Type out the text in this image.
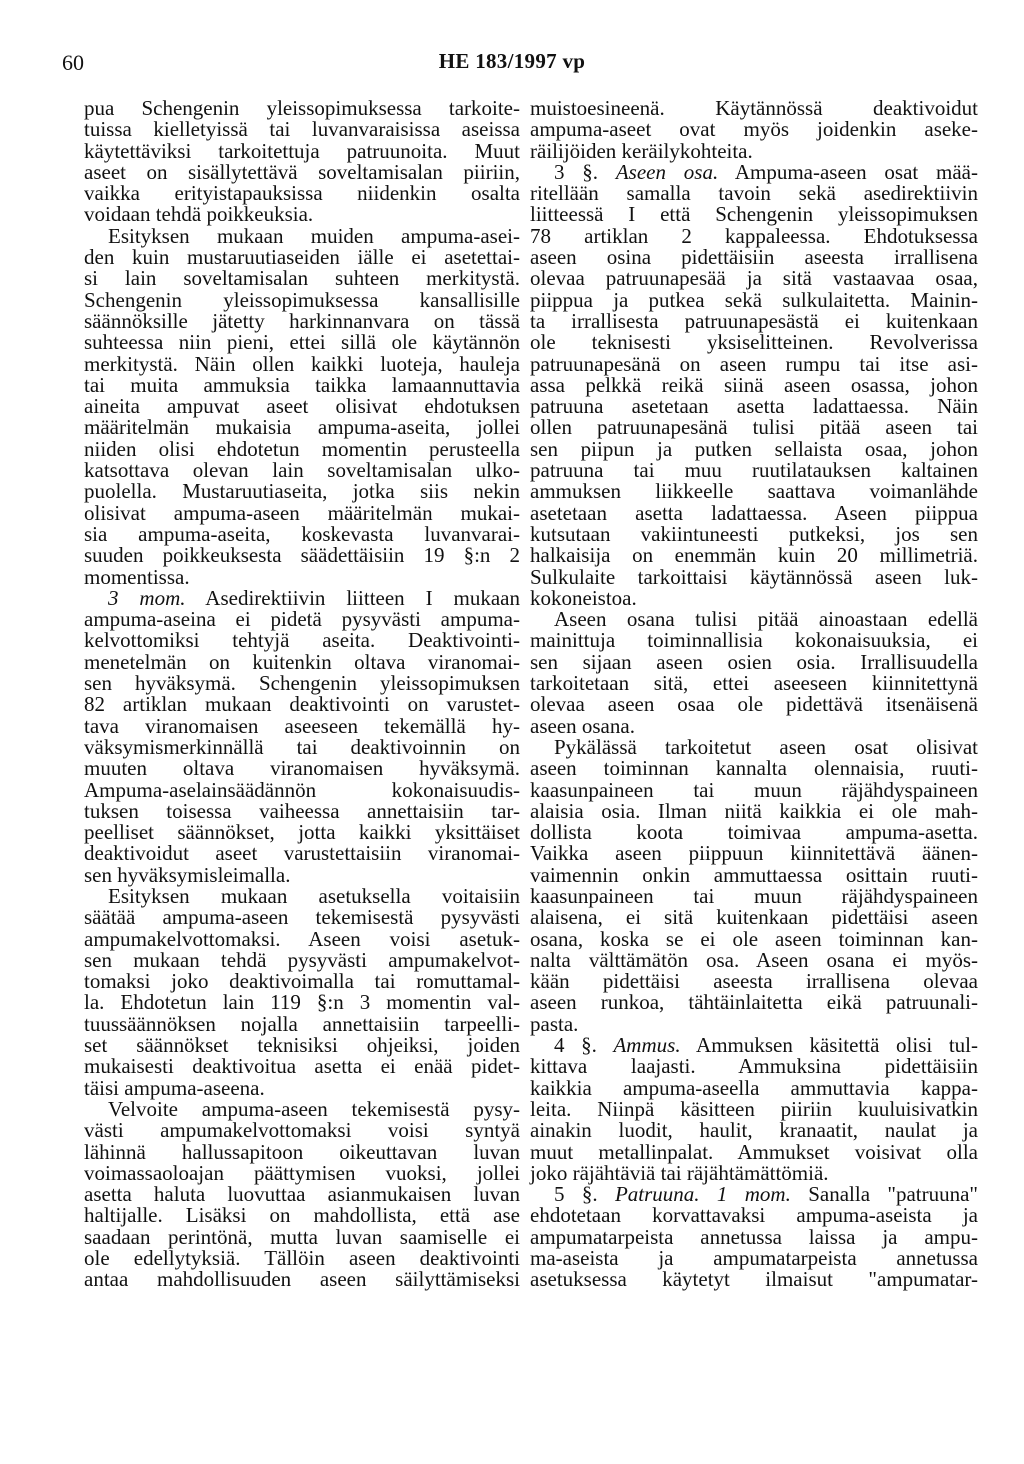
60	HE 183/1997 vp
pua Schengenin yleissopimuksessa tarkoite-
tuissa kielletyissä tai luvanvaraisissa aseissa
käytettäviksi tarkoitettuja patruunoita. Muut
aseet on sisällytettävä soveltamisalan piiriin,
vaikka erityistapauksissa niidenkin osalta
voidaan tehdä poikkeuksia.
Esityksen mukaan muiden ampuma-asei-
den kuin mustaruutiaseiden iälle ei asetettai-
si lain soveltamisalan suhteen merkitystä.
Schengenin yleissopimuksessa kansallisille
säännöksille jätetty harkinnanvara on tässä
suhteessa niin pieni, ettei sillä ole käytännön
merkitystä. Näin ollen kaikki luoteja, hauleja
tai muita ammuksia taikka lamaannuttavia
aineita ampuvat aseet olisivat ehdotuksen
määritelmän mukaisia ampuma-aseita, jollei
niiden olisi ehdotetun momentin perusteella
katsottava olevan lain soveltamisalan ulko-
puolella. Mustaruutiaseita, jotka siis nekin
olisivat ampuma-aseen määritelmän mukai-
sia ampuma-aseita, koskevasta luvanvarai-
suuden poikkeuksesta säädettäisiin 19 §:n 2
momentissa.
3 mom. Asedirektiivin liitteen I mukaan
ampuma-aseina ei pidetä pysyvästi ampuma-
kelvottomiksi tehtyjä aseita. Deaktivointi-
menetelmän on kuitenkin oltava viranomai-
sen hyväksymä. Schengenin yleissopimuksen
82 artiklan mukaan deaktivointi on varustet-
tava viranomaisen aseeseen tekemällä hy-
väksymismerkinnällä tai deaktivoinnin on
muuten oltava viranomaisen hyväksymä.
Ampuma-aselainsäädännön kokonaisuudis-
tuksen toisessa vaiheessa annettaisiin tar-
peelliset säännökset, jotta kaikki yksittäiset
deaktivoidut aseet varustettaisiin viranomai-
sen hyväksymisleimalla.
Esityksen mukaan asetuksella voitaisiin
säätää ampuma-aseen tekemisestä pysyvästi
ampumakelvottomaksi. Aseen voisi asetuk-
sen mukaan tehdä pysyvästi ampumakelvot-
tomaksi joko deaktivoimalla tai romuttamal-
la. Ehdotetun lain 119 §:n 3 momentin val-
tuussäännöksen nojalla annettaisiin tarpeelli-
set säännökset teknisiksi ohjeiksi, joiden
mukaisesti deaktivoitua asetta ei enää pidet-
täisi ampuma-aseena.
Velvoite ampuma-aseen tekemisestä pysy-
västi ampumakelvottomaksi voisi syntyä
lähinnä hallussapitoon oikeuttavan luvan
voimassaoloajan päättymisen vuoksi, jollei
asetta haluta luovuttaa asianmukaisen luvan
haltijalle. Lisäksi on mahdollista, että ase
saadaan perintönä, mutta luvan saamiselle ei
ole edellytyksiä. Tällöin aseen deaktivointi
antaa mahdollisuuden aseen säilyttämiseksi
muistoesineenä. Käytännössä deaktivoidut
ampuma-aseet ovat myös joidenkin aseke-
räilijöiden keräilykohteita.
3 §. Aseen osa. Ampuma-aseen osat mää-
ritellään samalla tavoin sekä asedirektiivin
liitteessä I että Schengenin yleissopimuksen
78 artiklan 2 kappaleessa. Ehdotuksessa
aseen osina pidettäisiin aseesta irrallisena
olevaa patruunapesää ja sitä vastaavaa osaa,
piippua ja putkea sekä sulkulaitetta. Mainin-
ta irrallisesta patruunapesästä ei kuitenkaan
ole teknisesti yksiselitteinen. Revolverissa
patruunapesänä on aseen rumpu tai itse asi-
assa pelkkä reikä siinä aseen osassa, johon
patruuna asetetaan asetta ladattaessa. Näin
ollen patruunapesänä tulisi pitää aseen tai
sen piipun ja putken sellaista osaa, johon
patruuna tai muu ruutilatauksen kaltainen
ammuksen liikkeelle saattava voimanlähde
asetetaan asetta ladattaessa. Aseen piippua
kutsutaan vakiintuneesti putkeksi, jos sen
halkaisija on enemmän kuin 20 millimetriä.
Sulkulaite tarkoittaisi käytännössä aseen luk-
kokoneistoa.
Aseen osana tulisi pitää ainoastaan edellä
mainittuja toiminnallisia kokonaisuuksia, ei
sen sijaan aseen osien osia. Irrallisuudella
tarkoitetaan sitä, ettei aseeseen kiinnitettynä
olevaa aseen osaa ole pidettävä itsenäisenä
aseen osana.
Pykälässä tarkoitetut aseen osat olisivat
aseen toiminnan kannalta olennaisia, ruuti-
kaasunpaineen tai muun räjähdyspaineen
alaisia osia. Ilman niitä kaikkia ei ole mah-
dollista koota toimivaa ampuma-asetta.
Vaikka aseen piippuun kiinnitettävä äänen-
vaimennin onkin ammuttaessa osittain ruuti-
kaasunpaineen tai muun räjähdyspaineen
alaisena, ei sitä kuitenkaan pidettäisi aseen
osana, koska se ei ole aseen toiminnan kan-
nalta välttämätön osa. Aseen osana ei myös-
kään pidettäisi aseesta irrallisena olevaa
aseen runkoa, tähtäinlaitetta eikä patruunali-
pasta.
4 §. Ammus. Ammuksen käsitettä olisi tul-
kittava laajasti. Ammuksina pidettäisiin
kaikkia ampuma-aseella ammuttavia kappa-
leita. Niinpä käsitteen piiriin kuuluisivatkin
ainakin luodit, haulit, kranaatit, naulat ja
muut metallinpalat. Ammukset voisivat olla
joko räjähtäviä tai räjähtämättömiä.
5 §. Patruuna. 1 mom. Sanalla "patruuna"
ehdotetaan korvattavaksi ampuma-aseista ja
ampumatarpeista annetussa laissa ja ampu-
ma-aseista ja ampumatarpeista annetussa
asetuksessa käytetyt ilmaisut "ampumatar-
